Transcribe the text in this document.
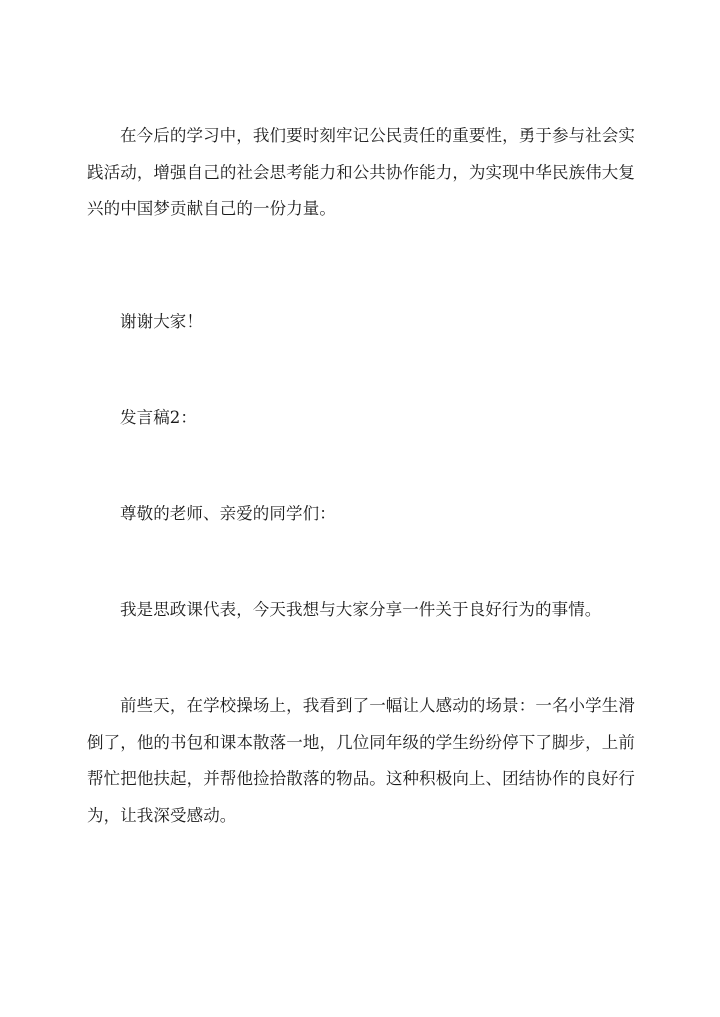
在今后的学习中，我们要时刻牢记公民责任的重要性，勇于参与社会实践活动，增强自己的社会思考能力和公共协作能力，为实现中华民族伟大复兴的中国梦贡献自己的一份力量。

谢谢大家！

发言稿2：

尊敬的老师、亲爱的同学们：

我是思政课代表，今天我想与大家分享一件关于良好行为的事情。

前些天，在学校操场上，我看到了一幅让人感动的场景：一名小学生滑倒了，他的书包和课本散落一地，几位同年级的学生纷纷停下了脚步，上前帮忙把他扶起，并帮他捡拾散落的物品。这种积极向上、团结协作的良好行为，让我深受感动。
